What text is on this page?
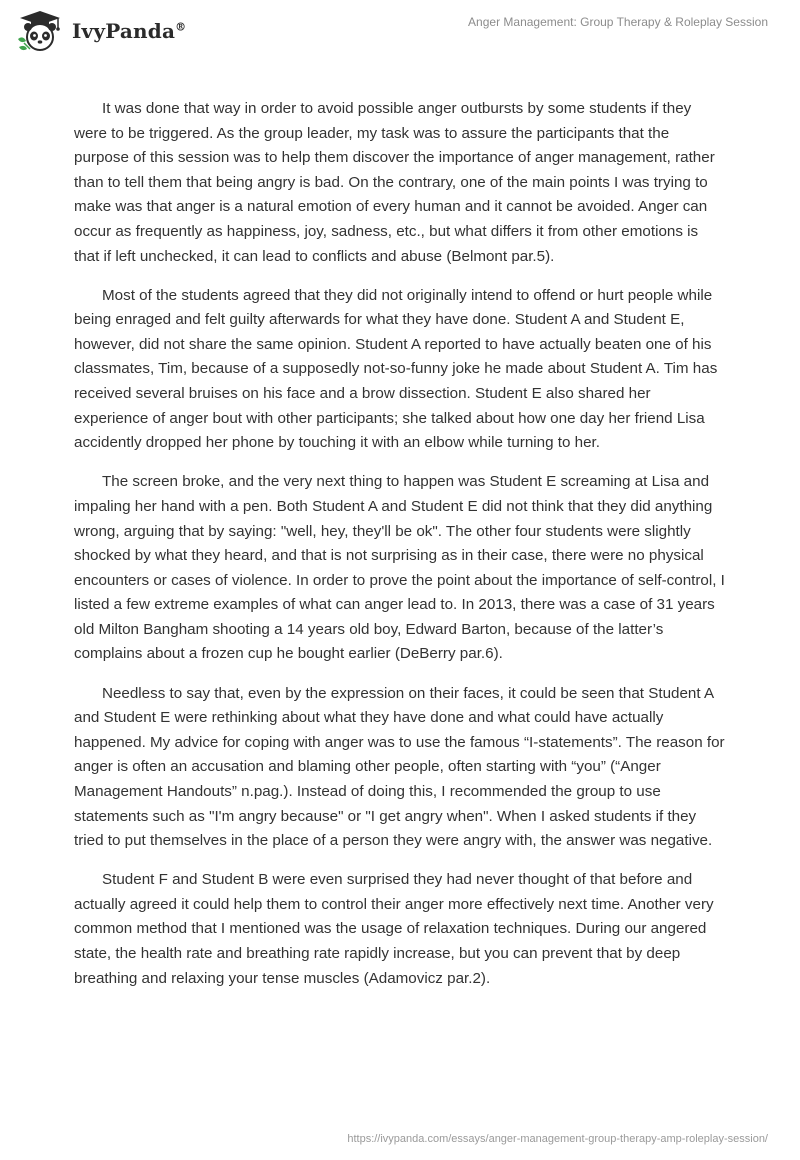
IvyPanda®	Anger Management: Group Therapy & Roleplay Session

It was done that way in order to avoid possible anger outbursts by some students if they were to be triggered. As the group leader, my task was to assure the participants that the purpose of this session was to help them discover the importance of anger management, rather than to tell them that being angry is bad. On the contrary, one of the main points I was trying to make was that anger is a natural emotion of every human and it cannot be avoided. Anger can occur as frequently as happiness, joy, sadness, etc., but what differs it from other emotions is that if left unchecked, it can lead to conflicts and abuse (Belmont par.5).

Most of the students agreed that they did not originally intend to offend or hurt people while being enraged and felt guilty afterwards for what they have done. Student A and Student E, however, did not share the same opinion. Student A reported to have actually beaten one of his classmates, Tim, because of a supposedly not-so-funny joke he made about Student A. Tim has received several bruises on his face and a brow dissection. Student E also shared her experience of anger bout with other participants; she talked about how one day her friend Lisa accidently dropped her phone by touching it with an elbow while turning to her.

The screen broke, and the very next thing to happen was Student E screaming at Lisa and impaling her hand with a pen. Both Student A and Student E did not think that they did anything wrong, arguing that by saying: "well, hey, they'll be ok". The other four students were slightly shocked by what they heard, and that is not surprising as in their case, there were no physical encounters or cases of violence. In order to prove the point about the importance of self-control, I listed a few extreme examples of what can anger lead to. In 2013, there was a case of 31 years old Milton Bangham shooting a 14 years old boy, Edward Barton, because of the latter’s complains about a frozen cup he bought earlier (DeBerry par.6).

Needless to say that, even by the expression on their faces, it could be seen that Student A and Student E were rethinking about what they have done and what could have actually happened. My advice for coping with anger was to use the famous “I-statements”. The reason for anger is often an accusation and blaming other people, often starting with “you” (“Anger Management Handouts” n.pag.). Instead of doing this, I recommended the group to use statements such as "I'm angry because" or "I get angry when". When I asked students if they tried to put themselves in the place of a person they were angry with, the answer was negative.

Student F and Student B were even surprised they had never thought of that before and actually agreed it could help them to control their anger more effectively next time. Another very common method that I mentioned was the usage of relaxation techniques. During our angered state, the health rate and breathing rate rapidly increase, but you can prevent that by deep breathing and relaxing your tense muscles (Adamovicz par.2).

https://ivypanda.com/essays/anger-management-group-therapy-amp-roleplay-session/
